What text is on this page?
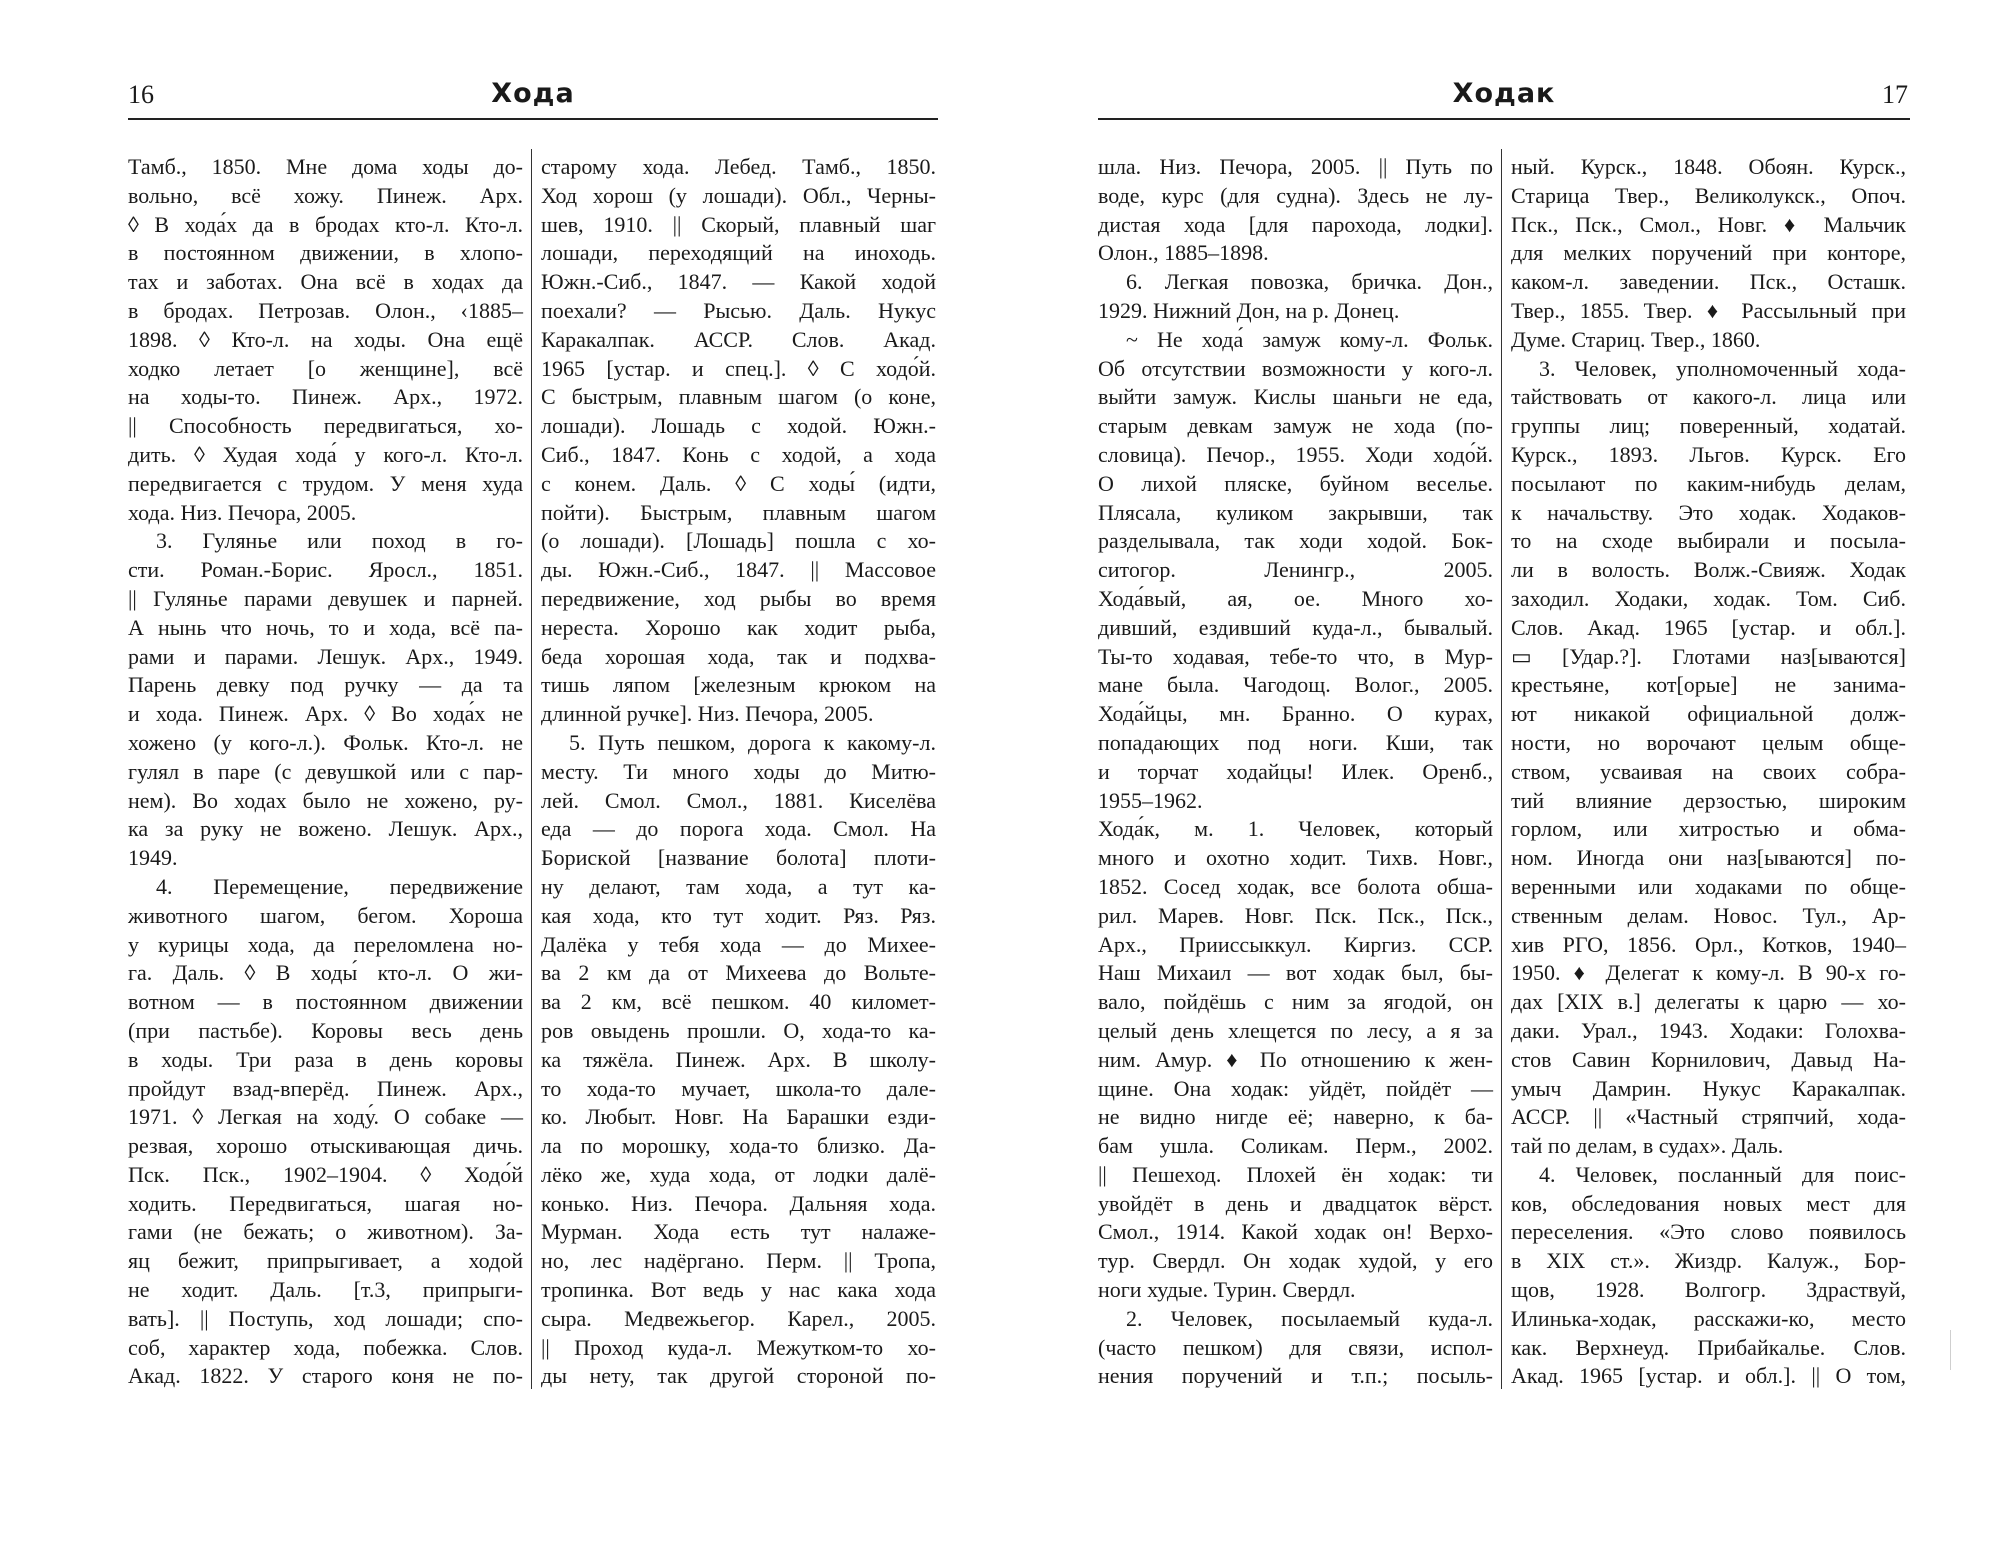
16	Хода
Тамб., 1850. Мне дома ходы до-
вольно, всё хожу. Пинеж. Арх.
◊ В хода́х да в бродах кто-л. Кто-л.
в постоянном движении, в хлопо-
тах и заботах. Она всё в ходах да
в бродах. Петрозав. Олон., ‹1885–
1898. ◊ Кто-л. на ходы. Она ещё
ходко летает [о женщине], всё
на ходы-то. Пинеж. Арх., 1972.
|| Способность передвигаться, хо-
дить. ◊ Худая хода́ у кого-л. Кто-л.
передвигается с трудом. У меня худа
хода. Низ. Печора, 2005.
3. Гулянье или поход в го-
сти. Роман.-Борис. Яросл., 1851.
|| Гулянье парами девушек и парней.
А нынь что ночь, то и хода, всё па-
рами и парами. Лешук. Арх., 1949.
Парень девку под ручку — да та
и хода. Пинеж. Арх. ◊ Во хода́х не
хожено (у кого-л.). Фольк. Кто-л. не
гулял в паре (с девушкой или с пар-
нем). Во ходах было не хожено, ру-
ка за руку не вожено. Лешук. Арх.,
1949.
4. Перемещение, передвижение
животного шагом, бегом. Хороша
у курицы хода, да переломлена но-
га. Даль. ◊ В ходы́ кто-л. О жи-
вотном — в постоянном движении
(при пастьбе). Коровы весь день
в ходы. Три раза в день коровы
пройдут взад-вперёд. Пинеж. Арх.,
1971. ◊ Легкая на ходу́. О собаке —
резвая, хорошо отыскивающая дичь.
Пск. Пск., 1902–1904. ◊ Ходо́й
ходить. Передвигаться, шагая но-
гами (не бежать; о животном). За-
яц бежит, припрыгивает, а ходой
не ходит. Даль. [т.3, припрыги-
вать]. || Поступь, ход лошади; спо-
соб, характер хода, побежка. Слов.
Акад. 1822. У старого коня не по-
старому хода. Лебед. Тамб., 1850.
Ход хорош (у лошади). Обл., Черны-
шев, 1910. || Скорый, плавный шаг
лошади, переходящий на иноходь.
Южн.-Сиб., 1847. — Какой ходой
поехали? — Рысью. Даль. Нукус
Каракалпак. АССР. Слов. Акад.
1965 [устар. и спец.]. ◊ С ходо́й.
С быстрым, плавным шагом (о коне,
лошади). Лошадь с ходой. Южн.-
Сиб., 1847. Конь с ходой, а хода
с конем. Даль. ◊ С ходы́ (идти,
пойти). Быстрым, плавным шагом
(о лошади). [Лошадь] пошла с хо-
ды. Южн.-Сиб., 1847. || Массовое
передвижение, ход рыбы во время
нереста. Хорошо как ходит рыба,
беда хорошая хода, так и подхва-
тишь ляпом [железным крюком на
длинной ручке]. Низ. Печора, 2005.
5. Путь пешком, дорога к какому-л.
месту. Ти много ходы до Митю-
лей. Смол. Смол., 1881. Киселёва
еда — до порога хода. Смол. На
Борискoй [название болота] плоти-
ну делают, там хода, а тут ка-
кая хода, кто тут ходит. Ряз. Ряз.
Далёка у тебя хода — до Михее-
ва 2 км да от Михеева до Вольте-
ва 2 км, всё пешком. 40 километ-
ров овыдень прошли. О, хода-то ка-
ка тяжёла. Пинеж. Арх. В школу-
то хода-то мучает, школа-то дале-
ко. Любыт. Новг. На Барашки езди-
ла по морошку, хода-то близко. Да-
лёко же, худа хода, от лодки далё-
конько. Низ. Печора. Дальняя хода.
Мурман. Хода есть тут налаже-
но, лес надёргано. Перм. || Тропа,
тропинка. Вот ведь у нас кака хода
сыра. Медвежьегор. Карел., 2005.
|| Проход куда-л. Межутком-то хо-
ды нету, так другой стороной по-
Ходак	17
шла. Низ. Печора, 2005. || Путь по
воде, курс (для судна). Здесь не лу-
дистая хода [для парохода, лодки].
Олон., 1885–1898.
6. Легкая повозка, бричка. Дон.,
1929. Нижний Дон, на р. Донец.
~ Не хода́ замуж кому-л. Фольк.
Об отсутствии возможности у кого-л.
выйти замуж. Кислы шаньги не еда,
старым девкам замуж не хода (по-
словица). Печор., 1955. Ходи ходо́й.
О лихой пляске, буйном веселье.
Плясала, куликом закрывши, так
разделывала, так ходи ходой. Бок-
ситогор. Ленингр., 2005.
Хода́вый, ая, ое. Много хо-
дивший, ездивший куда-л., бывалый.
Ты-то ходавая, тебе-то что, в Мур-
мане была. Чагодощ. Волог., 2005.
Хода́йцы, мн. Бранно. О курах,
попадающих под ноги. Кши, так
и торчат ходайцы! Илек. Оренб.,
1955–1962.
Хода́к, м. 1. Человек, который
много и охотно ходит. Тихв. Новг.,
1852. Сосед ходак, все болота обша-
рил. Марев. Новг. Пск. Пск., Пск.,
Арх., Прииссыккул. Киргиз. ССР.
Наш Михаил — вот ходак был, бы-
вало, пойдёшь с ним за ягодой, он
целый день хлещется по лесу, а я за
ним. Амур. ♦ По отношению к жен-
щине. Она ходак: уйдёт, пойдёт —
не видно нигде её; наверно, к ба-
бам ушла. Соликам. Перм., 2002.
|| Пешеход. Плохей ён ходак: ти
увойдёт в день и двадцаток вёрст.
Смол., 1914. Какой ходак он! Верхо-
тур. Свердл. Он ходак худой, у его
ноги худые. Турин. Свердл.
2. Человек, посылаемый куда-л.
(часто пешком) для связи, испол-
нения поручений и т.п.; посыль-
ный. Курск., 1848. Обоян. Курск.,
Старица Твер., Великолукск., Опоч.
Пск., Пск., Смол., Новг. ♦ Мальчик
для мелких поручений при конторе,
каком-л. заведении. Пск., Осташк.
Твер., 1855. Твер. ♦ Рассыльный при
Думе. Стариц. Твер., 1860.
3. Человек, уполномоченный хода-
тайствовать от какого-л. лица или
группы лиц; поверенный, ходатай.
Курск., 1893. Льгов. Курск. Его
посылают по каким-нибудь делам,
к начальству. Это ходак. Ходаков-
то на сходе выбирали и посыла-
ли в волость. Волж.-Свияж. Ходак
заходил. Ходаки, ходак. Том. Сиб.
Слов. Акад. 1965 [устар. и обл.].
▭ [Удар.?]. Глотами наз[ываются]
крестьяне, кот[орые] не занима-
ют никакой официальной долж-
ности, но ворочают целым общe-
ством, усваивая на своих собра-
тий влияние дерзостью, широким
горлом, или хитростью и обма-
ном. Иногда они наз[ываются] по-
веренными или ходаками по обще-
ственным делам. Новос. Тул., Ар-
хив РГО, 1856. Орл., Котков, 1940–
1950. ♦ Делегат к кому-л. В 90-х го-
дах [XIX в.] делегаты к царю — хо-
даки. Урал., 1943. Ходаки: Голохва-
стов Савин Корнилович, Давыд На-
умыч Дамрин. Нукус Каракалпак.
АССР. || «Частный стряпчий, хода-
тай по делам, в судах». Даль.
4. Человек, посланный для поис-
ков, обследования новых мест для
переселения. «Это слово появилось
в XIX ст.». Жиздр. Калуж., Бор-
щов, 1928. Волгогр. Здраствуй,
Илинька-ходак, расскажи-ко, место
как. Верхнеуд. Прибайкалье. Слов.
Акад. 1965 [устар. и обл.]. || О том,
